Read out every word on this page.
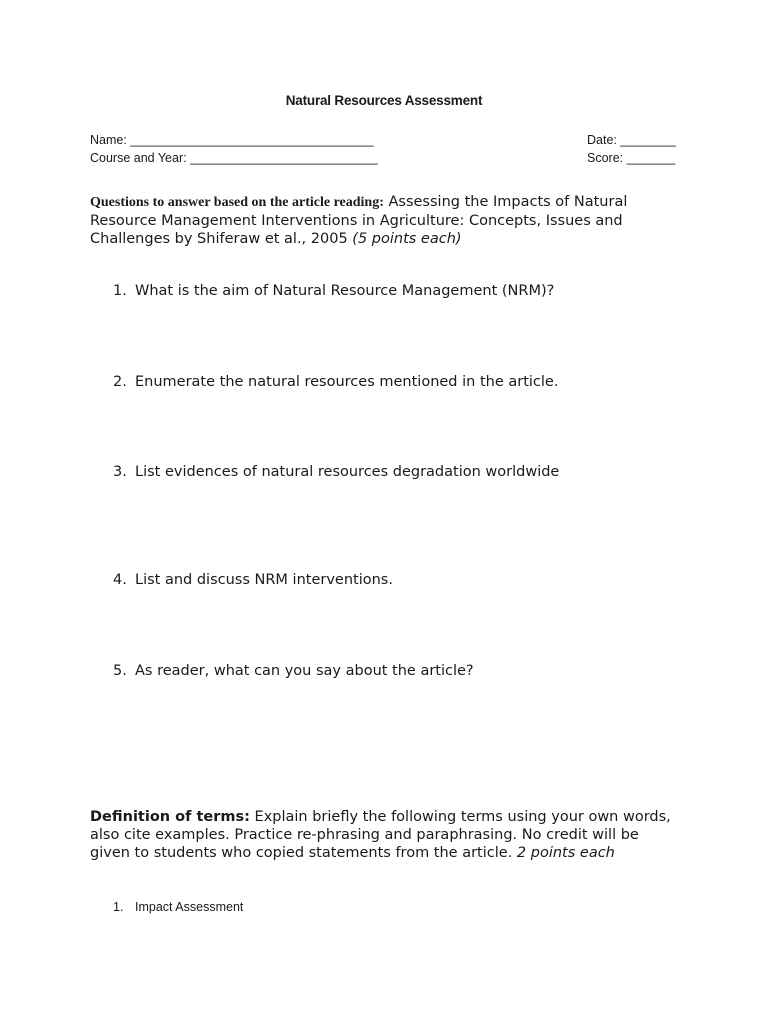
Natural Resources Assessment
Name: ___________________________________
Course and Year: ___________________________
Date: ________
Score: _______
Questions to answer based on the article reading: Assessing the Impacts of Natural Resource Management Interventions in Agriculture: Concepts, Issues and Challenges by Shiferaw et al., 2005 (5 points each)
1. What is the aim of Natural Resource Management (NRM)?
2. Enumerate the natural resources mentioned in the article.
3. List evidences of natural resources degradation worldwide
4. List and discuss NRM interventions.
5. As reader, what can you say about the article?
Definition of terms: Explain briefly the following terms using your own words, also cite examples. Practice re-phrasing and paraphrasing. No credit will be given to students who copied statements from the article. 2 points each
1. Impact Assessment
